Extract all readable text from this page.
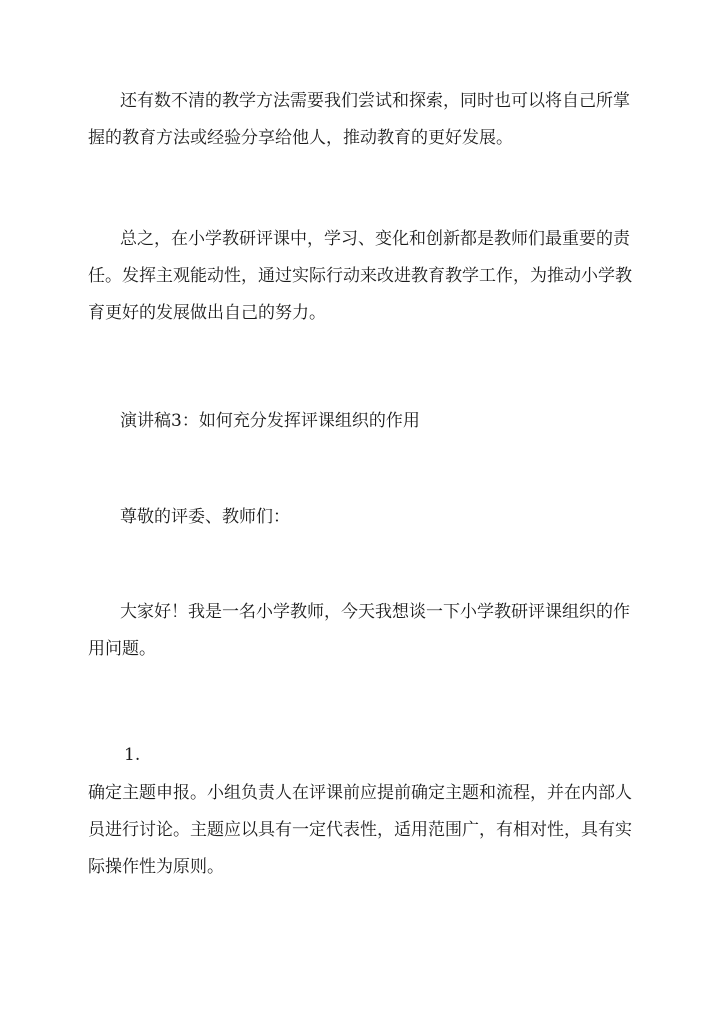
还有数不清的教学方法需要我们尝试和探索，同时也可以将自己所掌
握的教育方法或经验分享给他人，推动教育的更好发展。

总之，在小学教研评课中，学习、变化和创新都是教师们最重要的责
任。发挥主观能动性，通过实际行动来改进教育教学工作，为推动小学教
育更好的发展做出自己的努力。

演讲稿3：如何充分发挥评课组织的作用

尊敬的评委、教师们：

大家好！我是一名小学教师，今天我想谈一下小学教研评课组织的作
用问题。

1.

确定主题申报。小组负责人在评课前应提前确定主题和流程，并在内部人
员进行讨论。主题应以具有一定代表性，适用范围广，有相对性，具有实
际操作性为原则。
